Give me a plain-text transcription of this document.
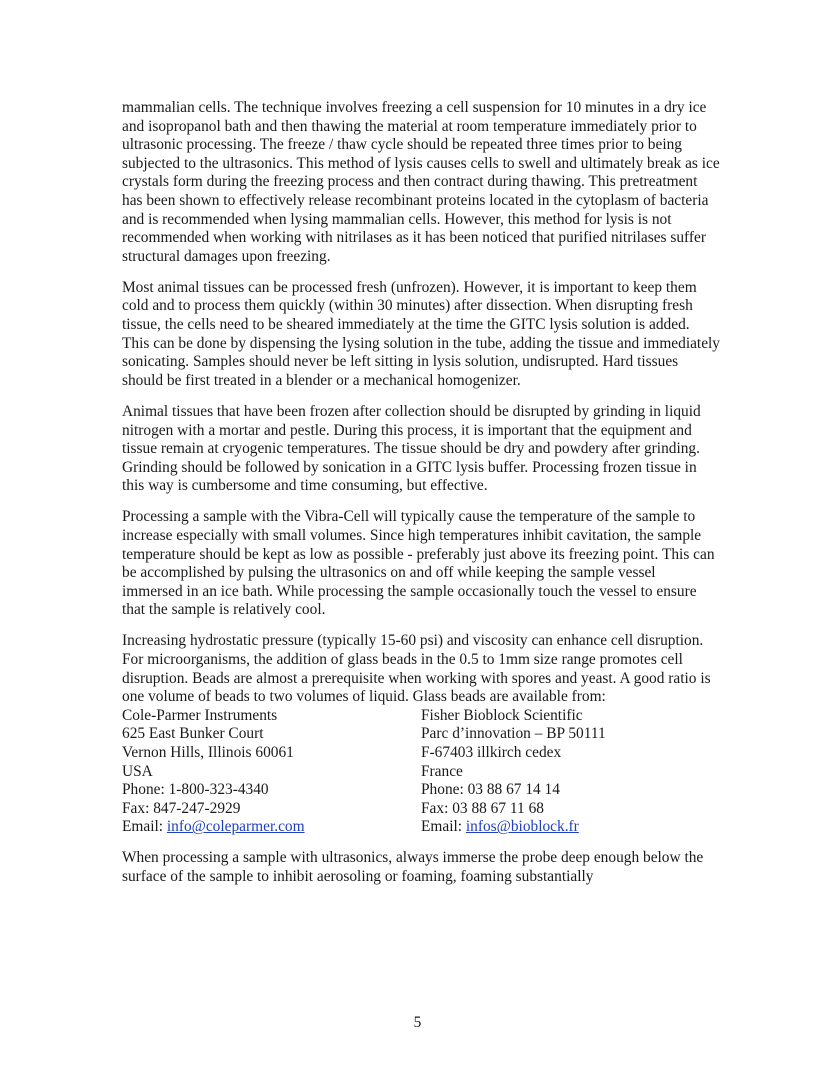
mammalian cells. The technique involves freezing a cell suspension for 10 minutes in a dry ice and isopropanol bath and then thawing the material at room temperature immediately prior to ultrasonic processing. The freeze / thaw cycle should be repeated three times prior to being subjected to the ultrasonics. This method of lysis causes cells to swell and ultimately break as ice crystals form during the freezing process and then contract during thawing. This pretreatment has been shown to effectively release recombinant proteins located in the cytoplasm of bacteria and is recommended when lysing mammalian cells. However, this method for lysis is not recommended when working with nitrilases as it has been noticed that purified nitrilases suffer structural damages upon freezing.

Most animal tissues can be processed fresh (unfrozen). However, it is important to keep them cold and to process them quickly (within 30 minutes) after dissection. When disrupting fresh tissue, the cells need to be sheared immediately at the time the GITC lysis solution is added. This can be done by dispensing the lysing solution in the tube, adding the tissue and immediately sonicating. Samples should never be left sitting in lysis solution, undisrupted. Hard tissues should be first treated in a blender or a mechanical homogenizer.

Animal tissues that have been frozen after collection should be disrupted by grinding in liquid nitrogen with a mortar and pestle. During this process, it is important that the equipment and tissue remain at cryogenic temperatures. The tissue should be dry and powdery after grinding. Grinding should be followed by sonication in a GITC lysis buffer. Processing frozen tissue in this way is cumbersome and time consuming, but effective.

Processing a sample with the Vibra-Cell will typically cause the temperature of the sample to increase especially with small volumes. Since high temperatures inhibit cavitation, the sample temperature should be kept as low as possible - preferably just above its freezing point. This can be accomplished by pulsing the ultrasonics on and off while keeping the sample vessel immersed in an ice bath. While processing the sample occasionally touch the vessel to ensure that the sample is relatively cool.

Increasing hydrostatic pressure (typically 15-60 psi) and viscosity can enhance cell disruption. For microorganisms, the addition of glass beads in the 0.5 to 1mm size range promotes cell disruption. Beads are almost a prerequisite when working with spores and yeast. A good ratio is one volume of beads to two volumes of liquid. Glass beads are available from:

Cole-Parmer Instruments
625 East Bunker Court
Vernon Hills, Illinois 60061
USA
Phone: 1-800-323-4340
Fax: 847-247-2929
Email: info@coleparmer.com
Fisher Bioblock Scientific
Parc d’innovation – BP 50111
F-67403 illkirch cedex
France
Phone: 03 88 67 14 14
Fax: 03 88 67 11 68
Email: infos@bioblock.fr

When processing a sample with ultrasonics, always immerse the probe deep enough below the surface of the sample to inhibit aerosoling or foaming, foaming substantially

5
